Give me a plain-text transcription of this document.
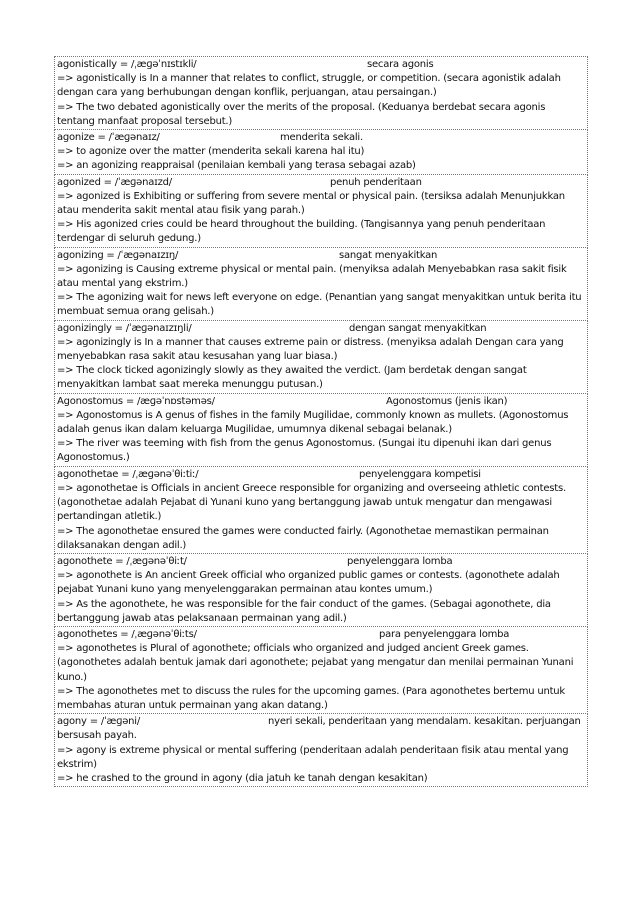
agonistically = /ˌæɡəˈnɪstɪkli/	secara agonis
=> agonistically is In a manner that relates to conflict, struggle, or competition. (secara agonistik adalah dengan cara yang berhubungan dengan konflik, perjuangan, atau persaingan.)
=> The two debated agonistically over the merits of the proposal. (Keduanya berdebat secara agonis tentang manfaat proposal tersebut.)
agonize = /ˈæɡənaɪz/	menderita sekali.
=> to agonize over the matter (menderita sekali karena hal itu)
=> an agonizing reappraisal (penilaian kembali yang terasa sebagai azab)
agonized = /ˈæɡənaɪzd/	penuh penderitaan
=> agonized is Exhibiting or suffering from severe mental or physical pain. (tersiksa adalah Menunjukkan atau menderita sakit mental atau fisik yang parah.)
=> His agonized cries could be heard throughout the building. (Tangisannya yang penuh penderitaan terdengar di seluruh gedung.)
agonizing = /ˈæɡənaɪzɪŋ/	sangat menyakitkan
=> agonizing is Causing extreme physical or mental pain. (menyiksa adalah Menyebabkan rasa sakit fisik atau mental yang ekstrim.)
=> The agonizing wait for news left everyone on edge. (Penantian yang sangat menyakitkan untuk berita itu membuat semua orang gelisah.)
agonizingly = /ˈæɡənaɪzɪŋli/	dengan sangat menyakitkan
=> agonizingly is In a manner that causes extreme pain or distress. (menyiksa adalah Dengan cara yang menyebabkan rasa sakit atau kesusahan yang luar biasa.)
=> The clock ticked agonizingly slowly as they awaited the verdict. (Jam berdetak dengan sangat menyakitkan lambat saat mereka menunggu putusan.)
Agonostomus = /æɡəˈnɒstəməs/	Agonostomus (jenis ikan)
=> Agonostomus is A genus of fishes in the family Mugilidae, commonly known as mullets. (Agonostomus adalah genus ikan dalam keluarga Mugilidae, umumnya dikenal sebagai belanak.)
=> The river was teeming with fish from the genus Agonostomus. (Sungai itu dipenuhi ikan dari genus Agonostomus.)
agonothetae = /ˌæɡənəˈθiːtiː/	penyelenggara kompetisi
=> agonothetae is Officials in ancient Greece responsible for organizing and overseeing athletic contests. (agonothetae adalah Pejabat di Yunani kuno yang bertanggung jawab untuk mengatur dan mengawasi pertandingan atletik.)
=> The agonothetae ensured the games were conducted fairly. (Agonothetae memastikan permainan dilaksanakan dengan adil.)
agonothete = /ˌæɡənəˈθiːt/	penyelenggara lomba
=> agonothete is An ancient Greek official who organized public games or contests. (agonothete adalah pejabat Yunani kuno yang menyelenggarakan permainan atau kontes umum.)
=> As the agonothete, he was responsible for the fair conduct of the games. (Sebagai agonothete, dia bertanggung jawab atas pelaksanaan permainan yang adil.)
agonothetes = /ˌæɡənəˈθiːts/	para penyelenggara lomba
=> agonothetes is Plural of agonothete; officials who organized and judged ancient Greek games. (agonothetes adalah bentuk jamak dari agonothete; pejabat yang mengatur dan menilai permainan Yunani kuno.)
=> The agonothetes met to discuss the rules for the upcoming games. (Para agonothetes bertemu untuk membahas aturan untuk permainan yang akan datang.)
agony = /ˈæɡəni/	nyeri sekali, penderitaan yang mendalam. kesakitan. perjuangan bersusah payah.
=> agony is extreme physical or mental suffering (penderitaan adalah penderitaan fisik atau mental yang ekstrim)
=> he crashed to the ground in agony (dia jatuh ke tanah dengan kesakitan)
